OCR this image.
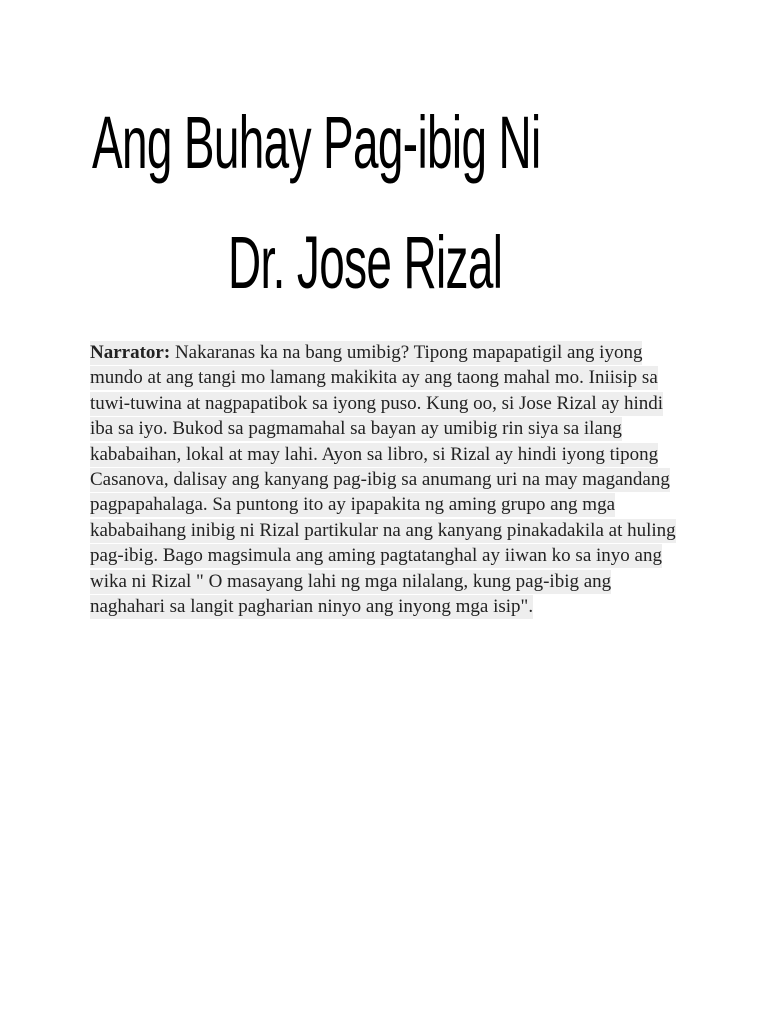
Ang Buhay Pag-ibig Ni
Dr. Jose Rizal

Narrator: Nakaranas ka na bang umibig? Tipong mapapatigil ang iyong mundo at ang tangi mo lamang makikita ay ang taong mahal mo. Iniisip sa tuwi-tuwina at nagpapatibok sa iyong puso. Kung oo, si Jose Rizal ay hindi iba sa iyo. Bukod sa pagmamahal sa bayan ay umibig rin siya sa ilang kababaihan, lokal at may lahi. Ayon sa libro, si Rizal ay hindi iyong tipong Casanova, dalisay ang kanyang pag-ibig sa anumang uri na may magandang pagpapahalaga. Sa puntong ito ay ipapakita ng aming grupo ang mga kababaihang inibig ni Rizal partikular na ang kanyang pinakadakila at huling pag-ibig. Bago magsimula ang aming pagtatanghal ay iiwan ko sa inyo ang wika ni Rizal " O masayang lahi ng mga nilalang, kung pag-ibig ang naghahari sa langit pagharian ninyo ang inyong mga isip".
